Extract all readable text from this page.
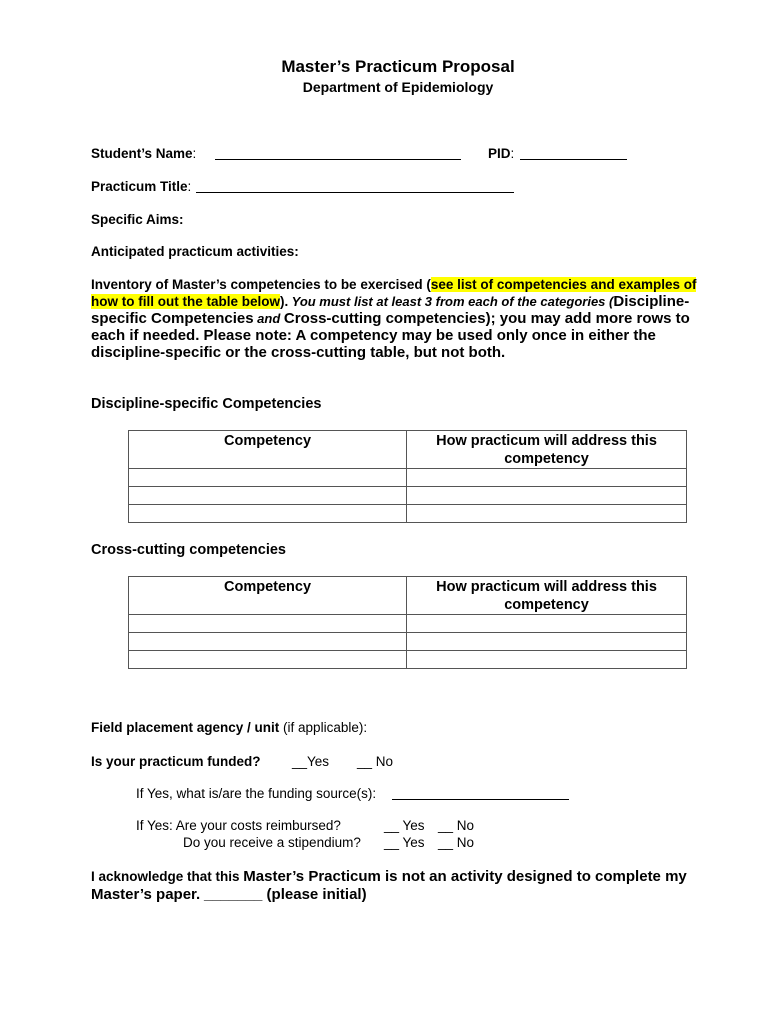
Master’s Practicum Proposal
Department of Epidemiology
Student’s Name:	PID:
Practicum Title:
Specific Aims:
Anticipated practicum activities:
Inventory of Master’s competencies to be exercised (see list of competencies and examples of how to fill out the table below). You must list at least 3 from each of the categories (Discipline-specific Competencies and Cross-cutting competencies); you may add more rows to each if needed. Please note: A competency may be used only once in either the discipline-specific or the cross-cutting table, but not both.
Discipline-specific Competencies
Competency	How practicum will address this competency

Cross-cutting competencies
Competency	How practicum will address this competency

Field placement agency / unit (if applicable):
Is your practicum funded? __Yes __ No
If Yes, what is/are the funding source(s):
If Yes: Are your costs reimbursed?	__ Yes __ No
Do you receive a stipendium? __ Yes __ No
I acknowledge that this Master’s Practicum is not an activity designed to complete my Master’s paper. _______ (please initial)
